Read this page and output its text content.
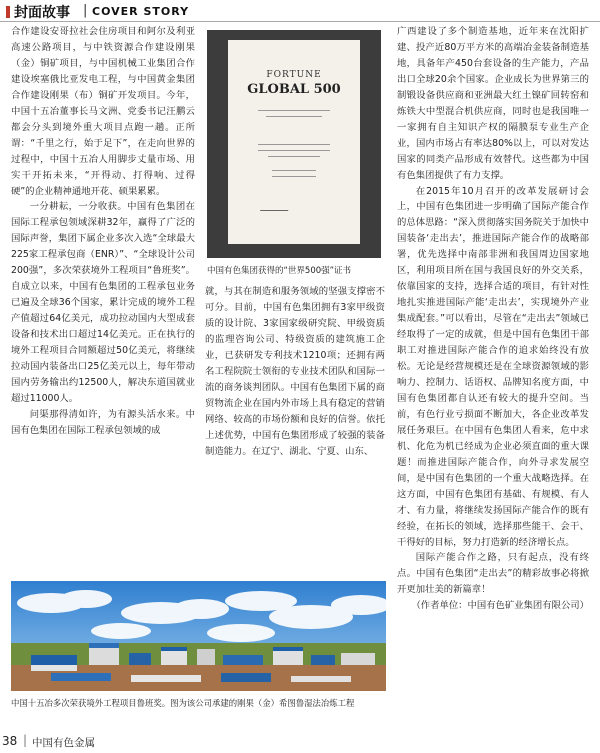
封面故事 | COVER STORY

合作建设安哥拉社会住房项目和阿尔及利亚高速公路项目，与中铁资源合作建设刚果（金）铜矿项目，与中国机械工业集团合作建设埃塞俄比亚发电工程，与中国黄金集团合作建设刚果（布）铜矿开发项目。今年，中国十五冶董事长马文洲、党委书记汪鹏云都会分头到境外重大项目点跑一趟。正所谓：“千里之行，始于足下”，在走向世界的过程中，中国十五冶人用脚步丈量市场、用实干开拓未来，“开得动、打得响、过得硬”的企业精神通地开花、硕果累累。

一分耕耘，一分收获。中国有色集团在国际工程承包领域深耕32年，赢得了广泛的国际声誉，集团下属企业多次入选“全球最大225家工程承包商（ENR）”、“全球设计公司200强”，多次荣获境外工程项目“鲁班奖”。自成立以来，中国有色集团的工程承包业务已遍及全球36个国家，累计完成的境外工程产值超过64亿美元，成功拉动国内大型成套设备和技术出口超过14亿美元。正在执行的境外工程项目合同额超过50亿美元，将继续拉动国内装备出口25亿美元以上，每年带动国内劳务输出约12500人，解决东道国就业超过11000人。

问渠那得清如许，为有源头活水来。中国有色集团在国际工程承包领域的成

FORTUNE
GLOBAL 500
中国有色集团获得的“世界500强”证书

就，与其在制造和服务领域的坚强支撑密不可分。目前，中国有色集团拥有3家甲级资质的设计院、3家国家级研究院、甲级资质的监理咨询公司、特级资质的建筑施工企业，已获研发专利技术1210项；还拥有两名工程院院士领衔的专业技术团队和国际一流的商务谈判团队。中国有色集团下属的商贸物流企业在国内外市场上具有稳定的营销网络、较高的市场份额和良好的信誉。依托上述优势，中国有色集团形成了较强的装备制造能力。在辽宁、湖北、宁夏、山东、

广西建设了多个制造基地，近年来在沈阳扩建、投产近80万平方米的高端冶金装备制造基地，具备年产450台套设备的生产能力，产品出口全球20余个国家。企业成长为世界第三的制锻设备供应商和亚洲最大红土镍矿回转窑和炼铁大中型混合机供应商，同时也是我国唯一一家拥有自主知识产权的隔膜泵专业生产企业，国内市场占有率达80%以上，可以对发达国家的同类产品形成有效替代。这些都为中国有色集团提供了有力支撑。

在2015年10月召开的改革发展研讨会上，中国有色集团进一步明确了国际产能合作的总体思路：“深入贯彻落实国务院关于加快中国装备‘走出去’，推进国际产能合作的战略部署，优先选择中南部非洲和我国周边国家地区，利用项目所在国与我国良好的外交关系，依靠国家的支持，选择合适的项目，有针对性地扎实推进国际产能‘走出去’，实现境外产业集成配套。”可以看出，尽管在“走出去”领域已经取得了一定的成就，但是中国有色集团干部职工对推进国际产能合作的追求始终没有放松。无论是经营规模还是在全球资源领域的影响力、控制力、话语权、品牌知名度方面，中国有色集团都自认还有较大的提升空间。当前，有色行业亏损面不断加大，各企业改革发展任务艰巨。在中国有色集团人看来，危中求机、化危为机已经成为企业必须直面的重大课题！而推进国际产能合作，向外寻求发展空间，是中国有色集团的一个重大战略选择。在这方面，中国有色集团有基础、有规模、有人才、有力量，将继续发扬国际产能合作的既有经验，在拓长的领域，选择那些能干、会干、干得好的目标，努力打造新的经济增长点。

国际产能合作之路，只有起点，没有终点。中国有色集团“走出去”的精彩故事必将掀开更加壮美的新篇章！

（作者单位：中国有色矿业集团有限公司）

中国十五冶多次荣获境外工程项目鲁班奖。图为该公司承建的刚果（金）希图鲁湿法冶炼工程
38 | 中国有色金属
